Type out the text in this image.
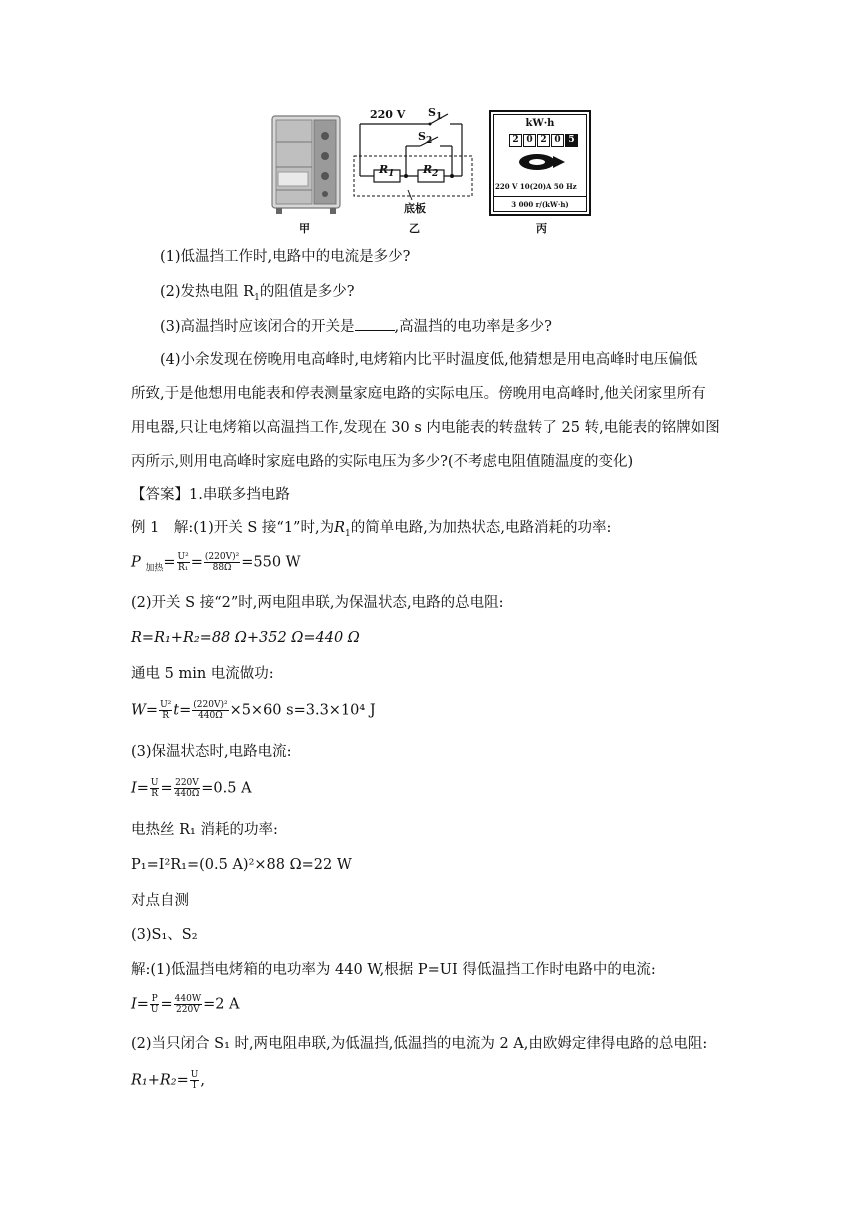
甲
220 V $S_1$
$S_2$
$R_1$	$R_2$
底板
乙
kW·h
2 0 2 0 5
220 V 10(20)A 50 Hz
3 000 r/(kW·h)
丙
(1)低温挡工作时,电路中的电流是多少?
(2)发热电阻 $R_1$的阻值是多少?
(3)高温挡时应该闭合的开关是	,高温挡的电功率是多少?
(4)小余发现在傍晚用电高峰时,电烤箱内比平时温度低,他猜想是用电高峰时电压偏低
所致,于是他想用电能表和停表测量家庭电路的实际电压。傍晚用电高峰时,他关闭家里所有
用电器,只让电烤箱以高温挡工作,发现在 30 s 内电能表的转盘转了 25 转,电能表的铭牌如图
丙所示,则用电高峰时家庭电路的实际电压为多少?(不考虑电阻值随温度的变化)
【答案】1.串联多挡电路
例 1　解:(1)开关 S 接“1”时,为$R_1$的简单电路,为加热状态,电路消耗的功率:
P $_{加热}= \frac{\text{U²}}{\text{R₁}} = \frac{\text{(220V)²}}{88\Omega} =550$ W
(2)开关 S 接“2”时,两电阻串联,为保温状态,电路的总电阻:
R=R₁+R₂=88 Ω+352 Ω=440 Ω
通电 5 min 电流做功:
$W= \frac{\text{U²}}{R} t= \frac{\text{(220V)²}}{440\Omega} \times 5\times 60$ s=3.3×10⁴ J
(3)保温状态时,电路电流:
$I= \frac{U}{R} = \frac{220V}{440\Omega} =0.5$ A
电热丝 R₁ 消耗的功率:
P₁=I²R₁=(0.5 A)²×88 Ω=22 W
对点自测
(3)S₁、S₂
解:(1)低温挡电烤箱的电功率为 440 W,根据 P=UI 得低温挡工作时电路中的电流:
$I= \frac{P}{U} = \frac{440W}{220V} =2$ A
(2)当只闭合 S₁ 时,两电阻串联,为低温挡,低温挡的电流为 2 A,由欧姆定律得电路的总电阻:
$R_1+R_2= \frac{U}{I}$ ,
